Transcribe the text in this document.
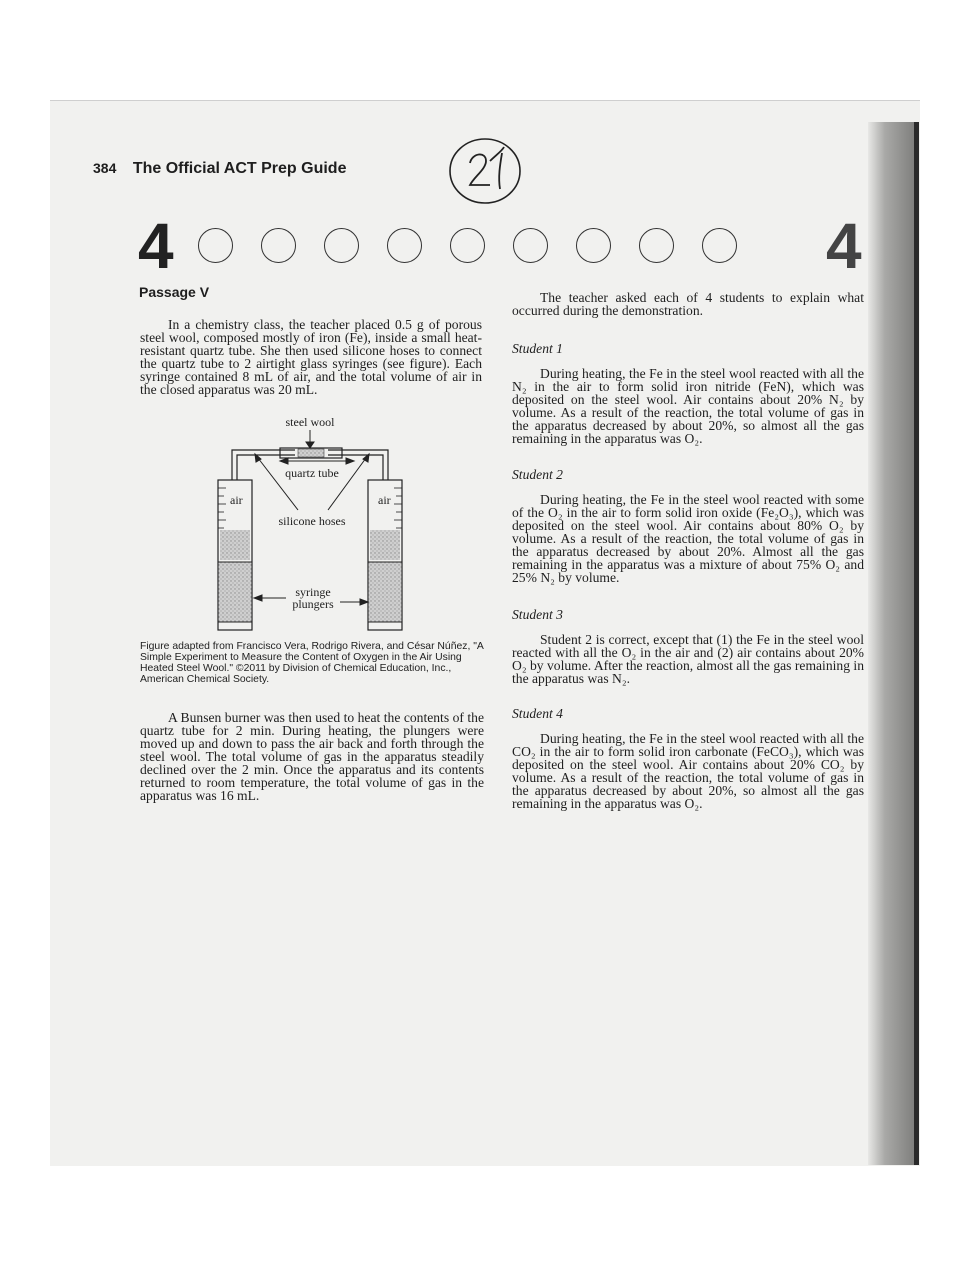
384 The Official ACT Prep Guide
4	4
Passage V

In a chemistry class, the teacher placed 0.5 g of porous steel wool, composed mostly of iron (Fe), inside a small heat-resistant quartz tube. She then used silicone hoses to connect the quartz tube to 2 airtight glass syringes (see figure). Each syringe contained 8 mL of air, and the total volume of air in the closed apparatus was 20 mL.

steel wool
quartz tube
air	air
silicone hoses
syringe
plungers
Figure adapted from Francisco Vera, Rodrigo Rivera, and César Núñez, "A Simple Experiment to Measure the Content of Oxygen in the Air Using Heated Steel Wool." ©2011 by Division of Chemical Education, Inc., American Chemical Society.

A Bunsen burner was then used to heat the contents of the quartz tube for 2 min. During heating, the plungers were moved up and down to pass the air back and forth through the steel wool. The total volume of gas in the apparatus steadily declined over the 2 min. Once the apparatus and its contents returned to room temperature, the total volume of gas in the apparatus was 16 mL.

The teacher asked each of 4 students to explain what occurred during the demonstration.

Student 1

During heating, the Fe in the steel wool reacted with all the N₂ in the air to form solid iron nitride (FeN), which was deposited on the steel wool. Air contains about 20% N₂ by volume. As a result of the reaction, the total volume of gas in the apparatus decreased by about 20%, so almost all the gas remaining in the apparatus was O₂.

Student 2

During heating, the Fe in the steel wool reacted with some of the O₂ in the air to form solid iron oxide (Fe₂O₃), which was deposited on the steel wool. Air contains about 80% O₂ by volume. As a result of the reaction, the total volume of gas in the apparatus decreased by about 20%. Almost all the gas remaining in the apparatus was a mixture of about 75% O₂ and 25% N₂ by volume.

Student 3

Student 2 is correct, except that (1) the Fe in the steel wool reacted with all the O₂ in the air and (2) air contains about 20% O₂ by volume. After the reaction, almost all the gas remaining in the apparatus was N₂.

Student 4

During heating, the Fe in the steel wool reacted with all the CO₂ in the air to form solid iron carbonate (FeCO₃), which was deposited on the steel wool. Air contains about 20% CO₂ by volume. As a result of the reaction, the total volume of gas in the apparatus decreased by about 20%, so almost all the gas remaining in the apparatus was O₂.
